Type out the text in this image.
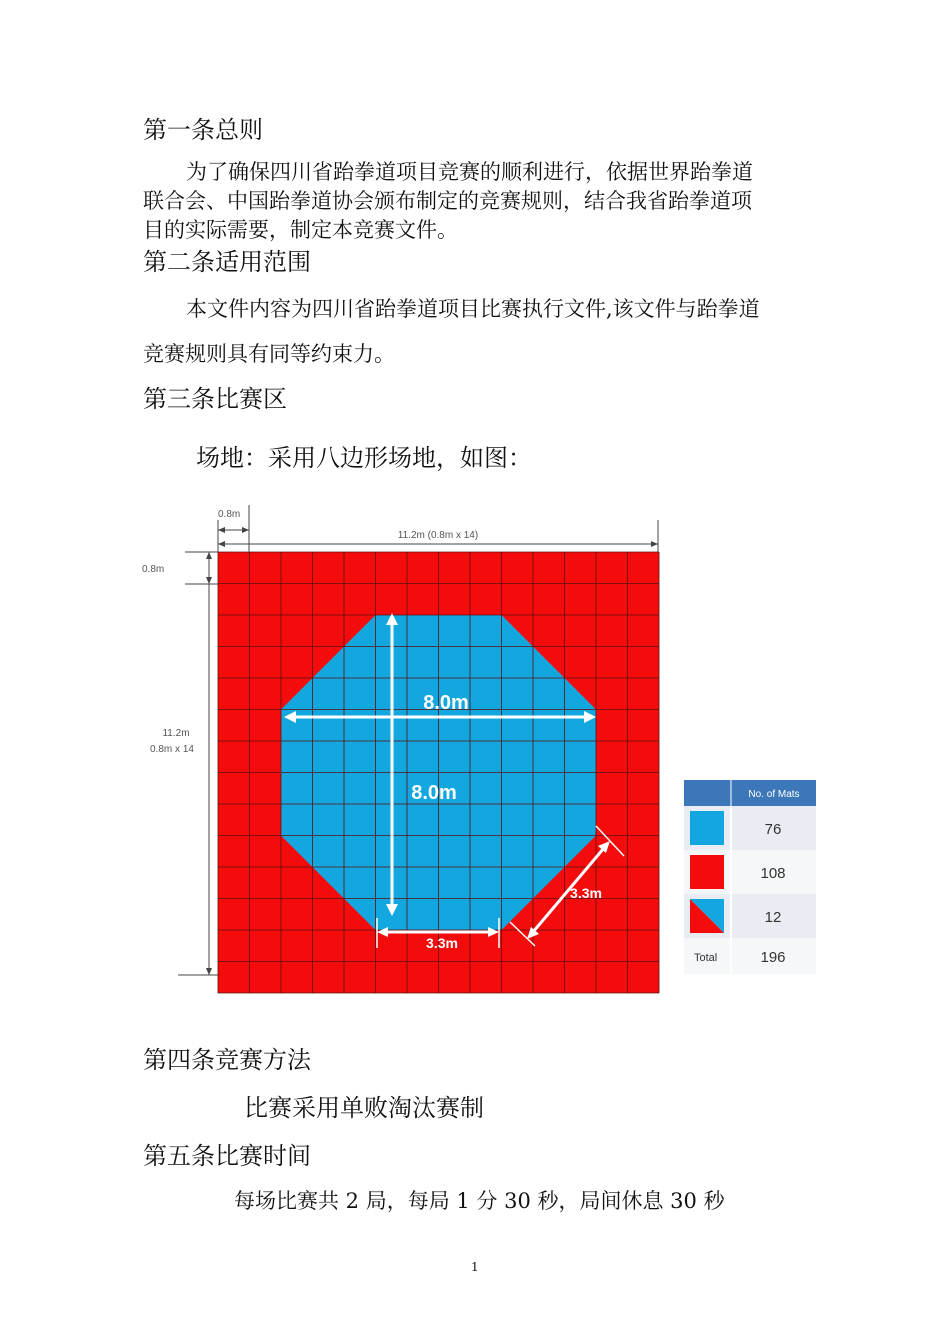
第一条总则
为了确保四川省跆拳道项目竞赛的顺利进行，依据世界跆拳道
联合会、中国跆拳道协会颁布制定的竞赛规则，结合我省跆拳道项
目的实际需要，制定本竞赛文件。
第二条适用范围
本文件内容为四川省跆拳道项目比赛执行文件,该文件与跆拳道
竞赛规则具有同等约束力。
第三条比赛区
场地：采用八边形场地，如图：
0.8m
11.2m (0.8m x 14)
0.8m
11.2m
0.8m x 14
8.0m
8.0m
3.3m
3.3m
No. of Mats
76
108
12
Total	196
第四条竞赛方法
比赛采用单败淘汰赛制
第五条比赛时间
每场比赛共 2 局，每局 1 分 30 秒，局间休息 30 秒
1
